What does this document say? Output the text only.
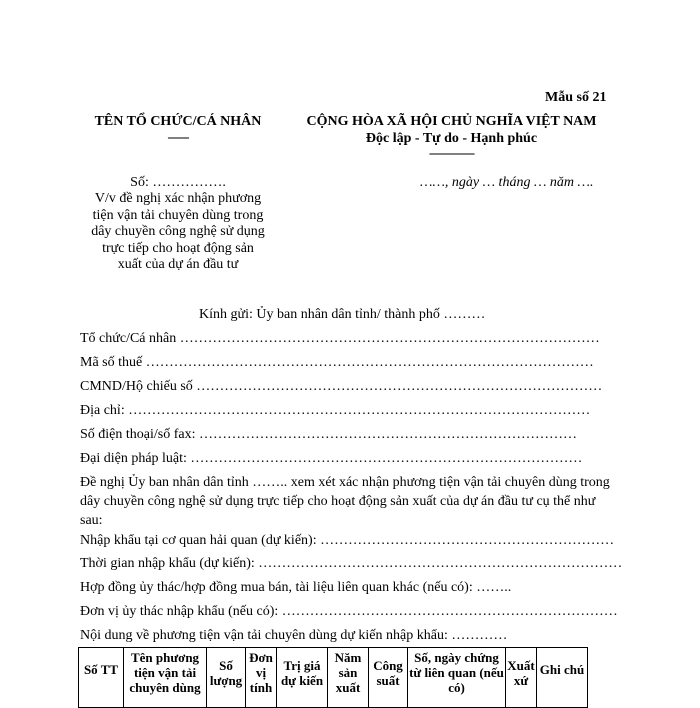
Mẫu số 21
TÊN TỔ CHỨC/CÁ NHÂN
-------
CỘNG HÒA XÃ HỘI CHỦ NGHĨA VIỆT NAM
Độc lập - Tự do - Hạnh phúc
---------------
Số: …………….	……, ngày … tháng … năm ….
V/v đề nghị xác nhận phương
tiện vận tải chuyên dùng trong
dây chuyền công nghệ sử dụng
trực tiếp cho hoạt động sản
xuất của dự án đầu tư
Kính gửi: Ủy ban nhân dân tỉnh/ thành phố ………
Tổ chức/Cá nhân ………………………………………………………………………………
Mã số thuế ……………………………………………………………………………………
CMND/Hộ chiếu số ……………………………………………………………………………
Địa chỉ: ………………………………………………………………………………………
Số điện thoại/số fax: ………………………………………………………………………
Đại diện pháp luật: …………………………………………………………………………
Đề nghị Ủy ban nhân dân tỉnh …….. xem xét xác nhận phương tiện vận tải chuyên dùng trong dây chuyền công nghệ sử dụng trực tiếp cho hoạt động sản xuất của dự án đầu tư cụ thể như sau:
Nhập khẩu tại cơ quan hải quan (dự kiến): ………………………………………………………
Thời gian nhập khẩu (dự kiến): ……………………………………………………………………
Hợp đồng ủy thác/hợp đồng mua bán, tài liệu liên quan khác (nếu có): ……..
Đơn vị ủy thác nhập khẩu (nếu có): ………………………………………………………………
Nội dung về phương tiện vận tải chuyên dùng dự kiến nhập khẩu: …………
Số TT	Tên phương tiện vận tải chuyên dùng	Số lượng	Đơn vị tính	Trị giá dự kiến	Năm sản xuất	Công suất	Số, ngày chứng từ liên quan (nếu có)	Xuất xứ	Ghi chú
